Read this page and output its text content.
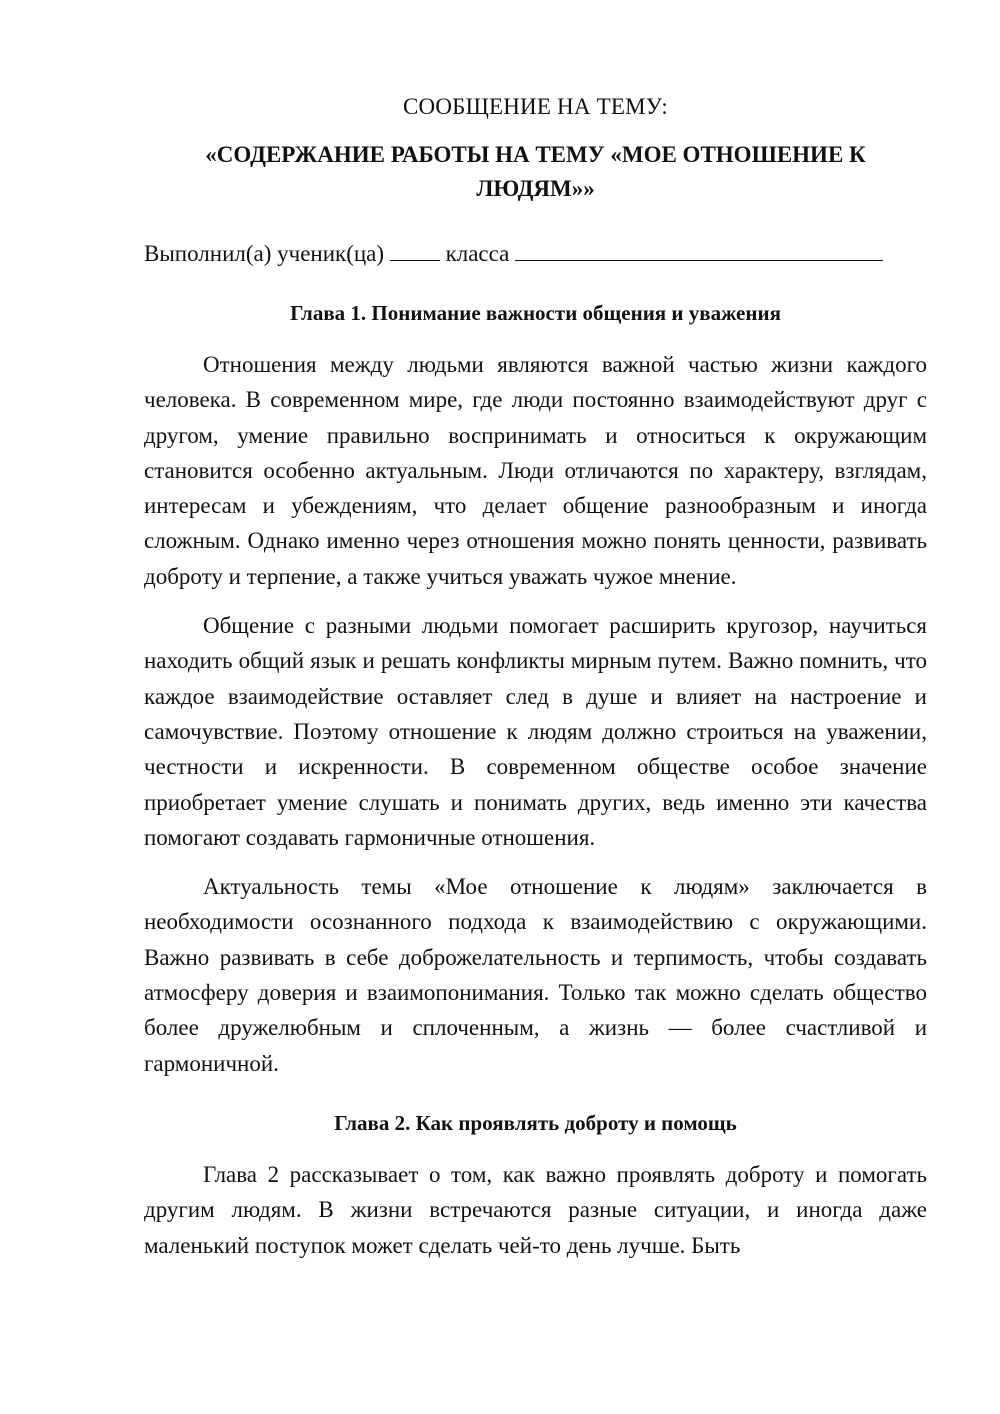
СООБЩЕНИЕ НА ТЕМУ:

«СОДЕРЖАНИЕ РАБОТЫ НА ТЕМУ «МОЕ ОТНОШЕНИЕ К ЛЮДЯМ»»

Выполнил(а) ученик(ца)	класса
Глава 1. Понимание важности общения и уважения

Отношения между людьми являются важной частью жизни каждого человека. В современном мире, где люди постоянно взаимодействуют друг с другом, умение правильно воспринимать и относиться к окружающим становится особенно актуальным. Люди отличаются по характеру, взглядам, интересам и убеждениям, что делает общение разнообразным и иногда сложным. Однако именно через отношения можно понять ценности, развивать доброту и терпение, а также учиться уважать чужое мнение.

Общение с разными людьми помогает расширить кругозор, научиться находить общий язык и решать конфликты мирным путем. Важно помнить, что каждое взаимодействие оставляет след в душе и влияет на настроение и самочувствие. Поэтому отношение к людям должно строиться на уважении, честности и искренности. В современном обществе особое значение приобретает умение слушать и понимать других, ведь именно эти качества помогают создавать гармоничные отношения.

Актуальность темы «Мое отношение к людям» заключается в необходимости осознанного подхода к взаимодействию с окружающими. Важно развивать в себе доброжелательность и терпимость, чтобы создавать атмосферу доверия и взаимопонимания. Только так можно сделать общество более дружелюбным и сплоченным, а жизнь — более счастливой и гармоничной.

Глава 2. Как проявлять доброту и помощь

Глава 2 рассказывает о том, как важно проявлять доброту и помогать другим людям. В жизни встречаются разные ситуации, и иногда даже маленький поступок может сделать чей-то день лучше. Быть
